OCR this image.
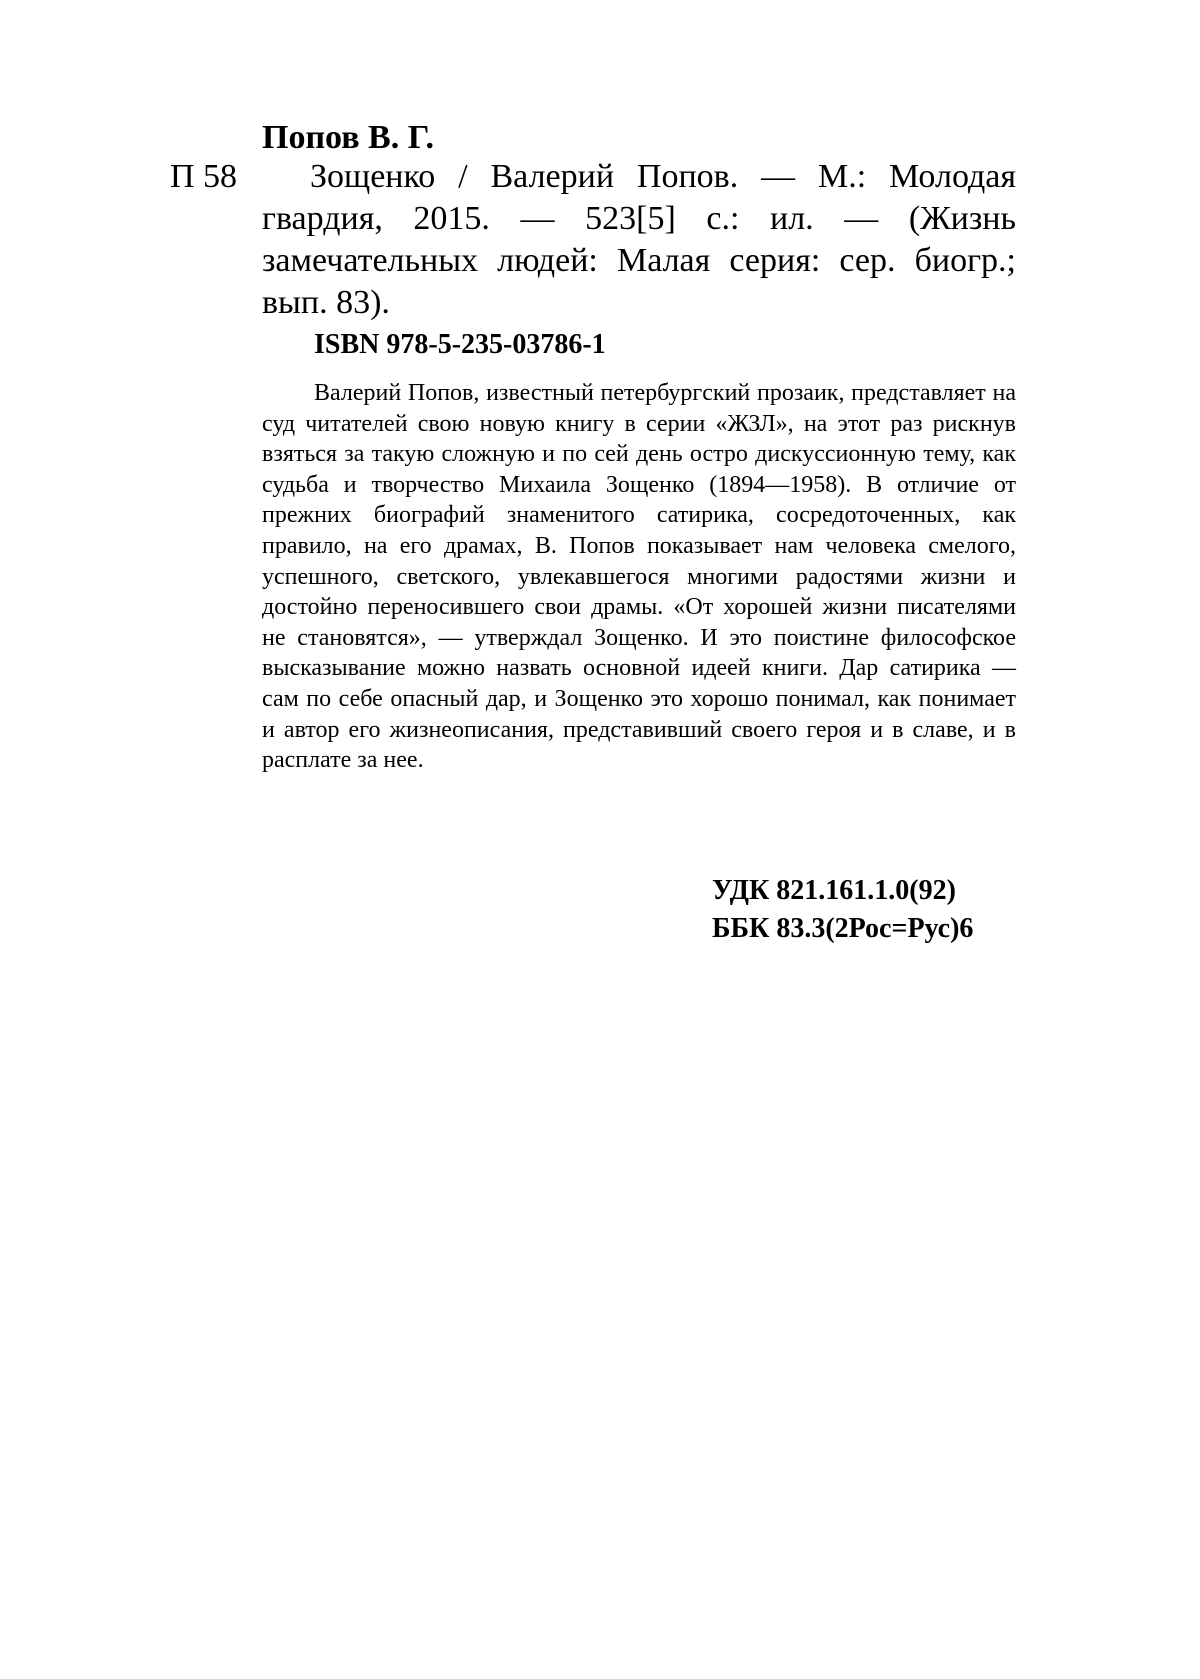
Попов В. Г.
П 58	Зощенко / Валерий Попов. — М.: Молодая гвардия, 2015. — 523[5] с.: ил. — (Жизнь замечательных людей: Малая серия: сер. биогр.; вып. 83).

ISBN 978-5-235-03786-1

Валерий Попов, известный петербургский прозаик, представляет на суд читателей свою новую книгу в серии «ЖЗЛ», на этот раз рискнув взяться за такую сложную и по сей день остро дискуссионную тему, как судьба и творчество Михаила Зощенко (1894—1958). В отличие от прежних биографий знаменитого сатирика, сосредоточенных, как правило, на его драмах, В. Попов показывает нам человека смелого, успешного, светского, увлекавшегося многими радостями жизни и достойно переносившего свои драмы. «От хорошей жизни писателями не становятся», — утверждал Зощенко. И это поистине философское высказывание можно назвать основной идеей книги. Дар сатирика — сам по себе опасный дар, и Зощенко это хорошо понимал, как понимает и автор его жизнеописания, представивший своего героя и в славе, и в расплате за нее.

УДК 821.161.1.0(92)
ББК 83.3(2Рос=Рус)6
